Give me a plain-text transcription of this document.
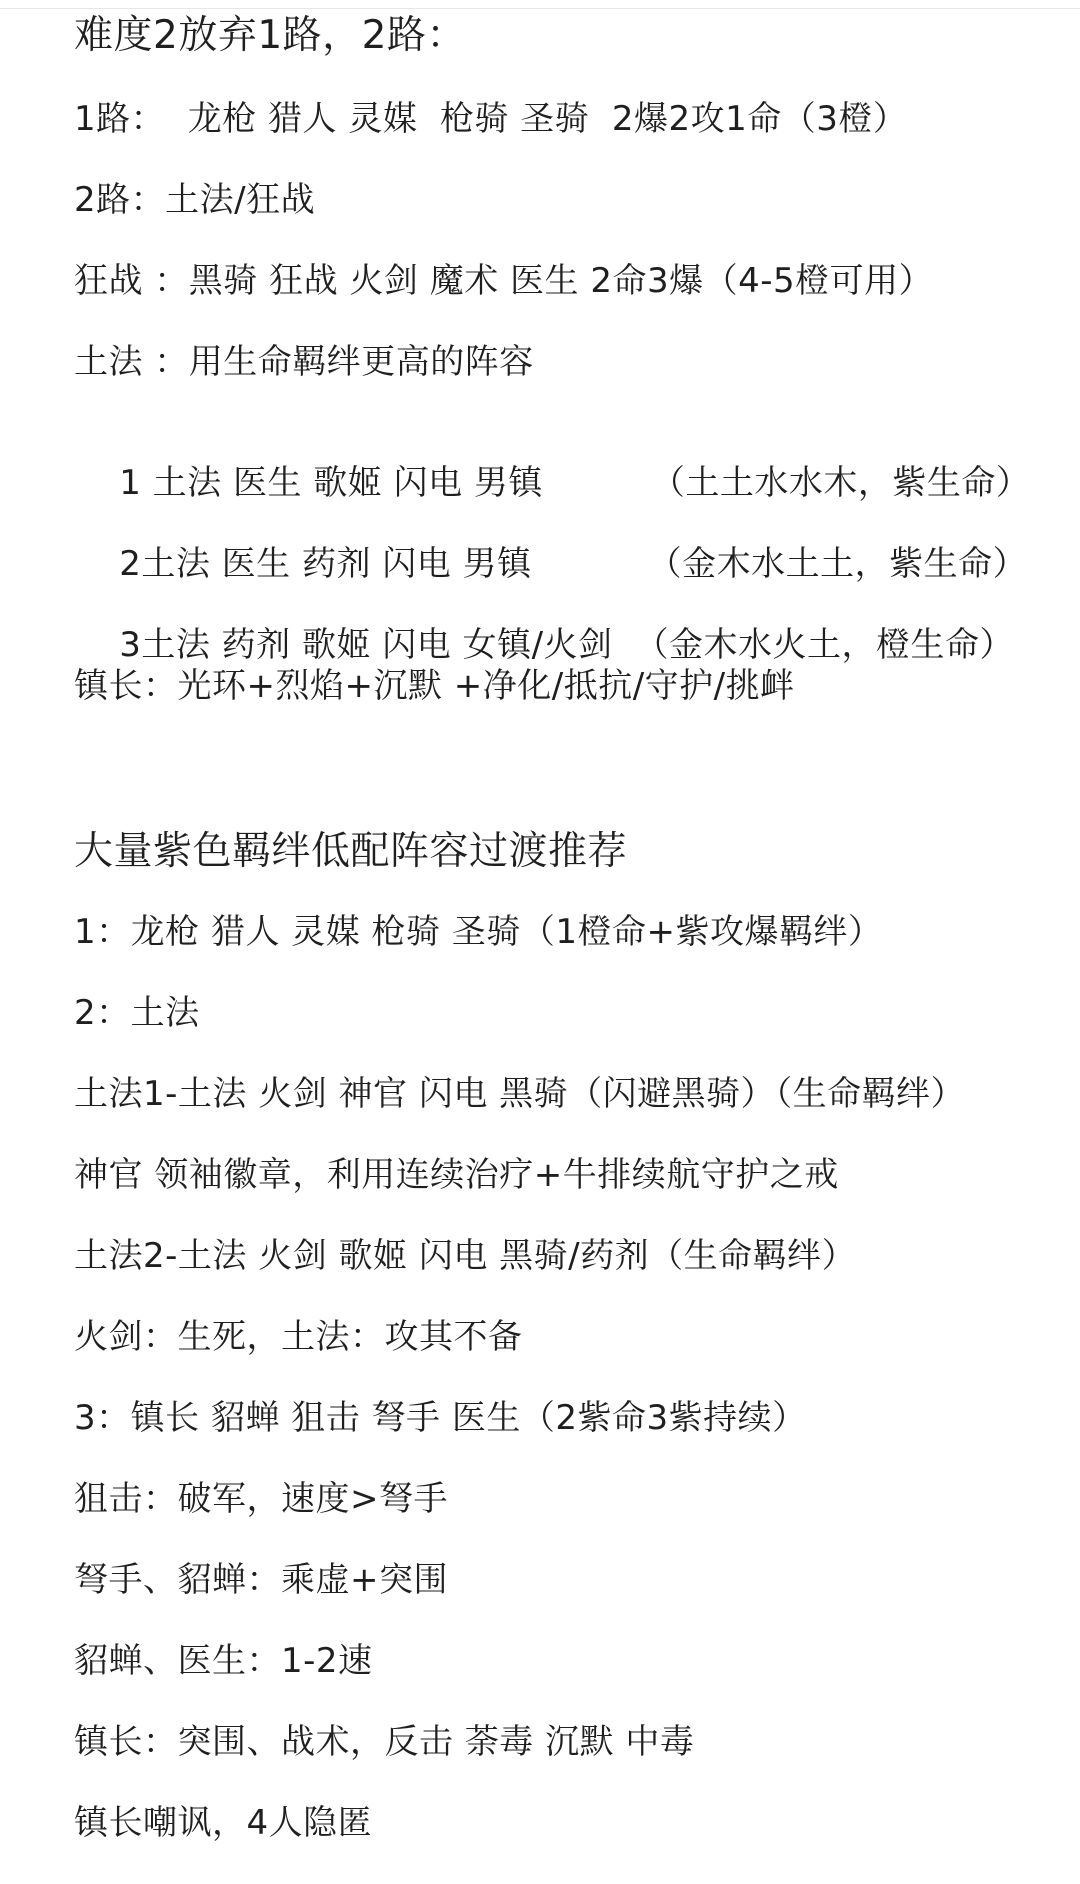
难度2放弃1路，2路：
1路：  龙枪 猎人 灵媒  枪骑 圣骑  2爆2攻1命（3橙）
2路：土法/狂战
狂战 ：黑骑 狂战 火剑 魔术 医生 2命3爆（4-5橙可用）
土法 ：用生命羁绊更高的阵容

1 土法 医生 歌姬 闪电 男镇	（土土水水木，紫生命）

2土法 医生 药剂 闪电 男镇	（金木水土土，紫生命）

3土法 药剂 歌姬 闪电 女镇/火剑 （金木水火土，橙生命）

镇长：光环+烈焰+沉默 +净化/抵抗/守护/挑衅
大量紫色羁绊低配阵容过渡推荐
1：龙枪 猎人 灵媒 枪骑 圣骑（1橙命+紫攻爆羁绊）
2：土法
土法1-土法 火剑 神官 闪电 黑骑（闪避黑骑）（生命羁绊）
神官 领袖徽章，利用连续治疗+牛排续航守护之戒
土法2-土法 火剑 歌姬 闪电 黑骑/药剂（生命羁绊）
火剑：生死，土法：攻其不备
3：镇长 貂蝉 狙击 弩手 医生（2紫命3紫持续）
狙击：破军，速度>弩手
弩手、貂蝉：乘虚+突围
貂蝉、医生：1-2速
镇长：突围、战术，反击 荼毒 沉默 中毒
镇长嘲讽，4人隐匿
